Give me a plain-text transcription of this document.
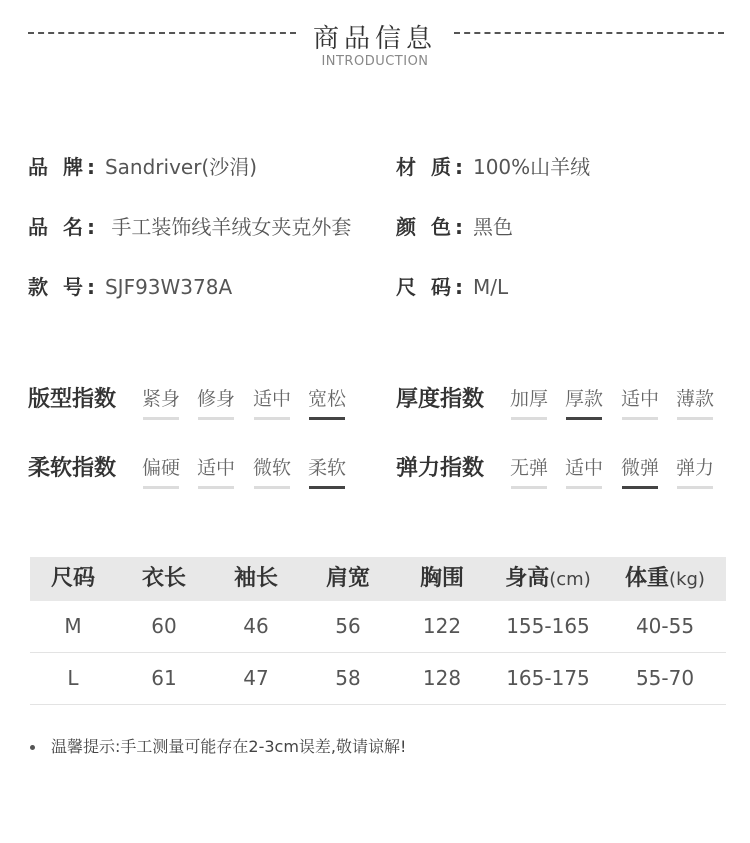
商品信息
INTRODUCTION
品 牌: Sandriver(沙涓)	材 质: 100%山羊绒
品 名: 手工装饰线羊绒女夹克外套 颜 色: 黑色
款 号: SJF93W378A	尺 码: M/L
版型指数 紧身 修身 适中 宽松 厚度指数 加厚 厚款 适中 薄款
柔软指数 偏硬 适中 微软 柔软 弹力指数 无弹 适中 微弹 弹力
尺码	衣长	袖长	肩宽	胸围	身高(cm)	体重(kg)
M	60	46	56	122	155-165	40-55
L	61	47	58	128	165-175	55-70
温馨提示:手工测量可能存在2-3cm误差,敬请谅解!
